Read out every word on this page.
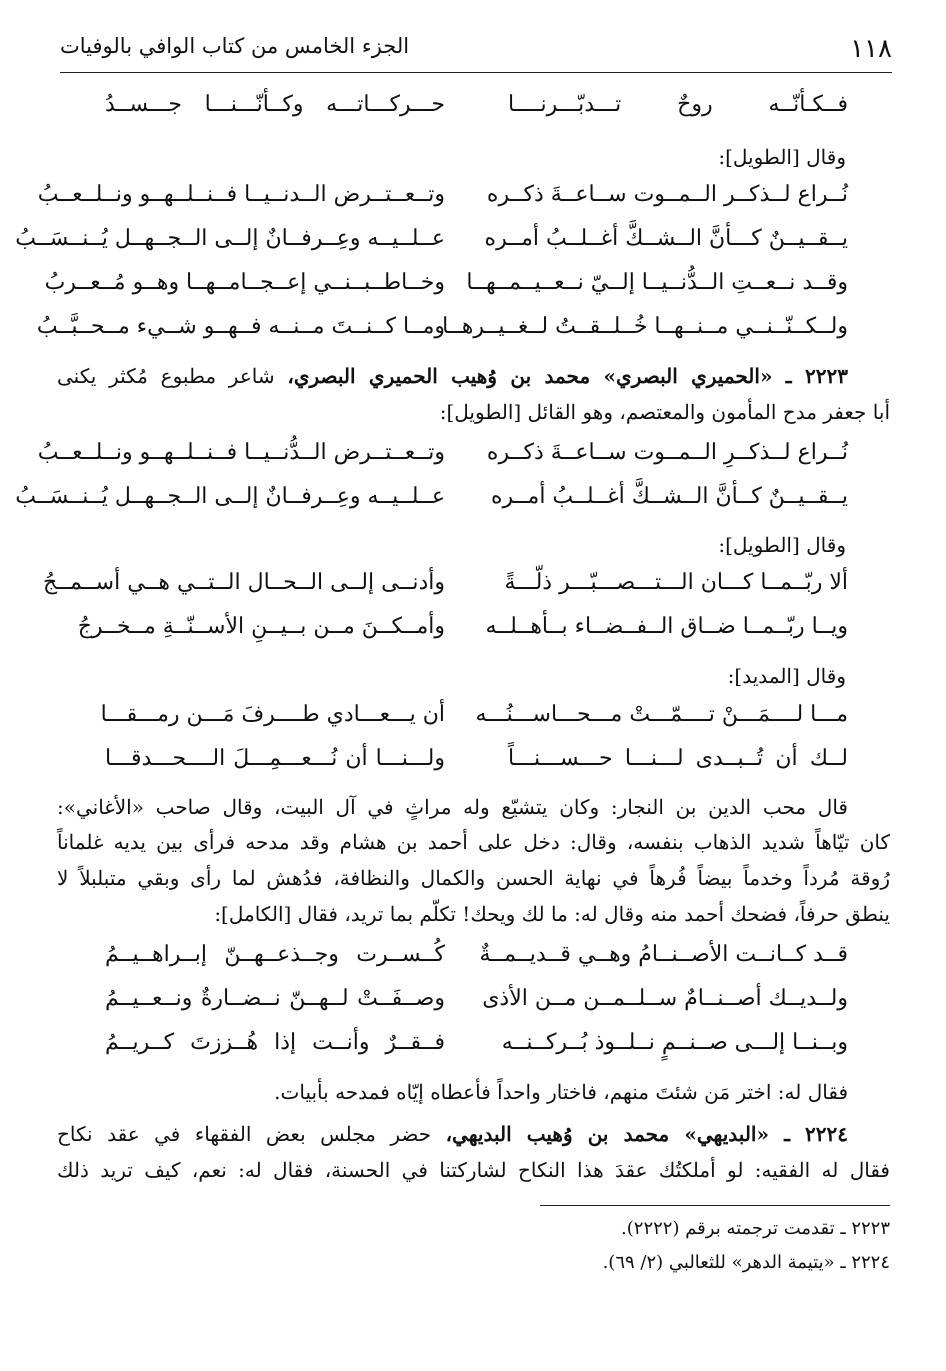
١١٨
الجزء الخامس من كتاب الوافي بالوفيات
فــكـأنّــه روحٌ تـــدبّـــرنــــا
حـــركـــاتـــه وكــأنّـــنـــا جـــســدُ
وقال [الطويل]:
نُــراع لــذكــر الــمــوت ســاعــةَ ذكــره
وتــعــتــرض الــدنــيــا فــنــلــهــو ونــلــعــبُ
يــقــيــنٌ كـــأنَّ الــشــكَّ أغــلــبُ أمــره
عــلــيــه وعِــرفــانٌ إلــى الــجــهــل يُــنــسَــبُ
وقــد نــعــتِ الــدُّنــيــا إلــيّ نــعــيــمــهــا
وخــاطــبــنــي إعــجــامــهــا وهــو مُــعــربُ
ولــكــنّــنــي مــنــهــا خُــلــقــتُ لــغــيــرهــا
ومــا كــنــتَ مــنــه فــهــو شــيء مــحــبَّــبُ
٢٢٢٣ ـ «الحميري البصري» محمد بن وُهيب الحميري البصري، شاعر مطبوع مُكثر يكنى
أبا جعفر مدح المأمون والمعتصم، وهو القائل [الطويل]:
نُــراع لــذكــرِ الــمــوت ســاعــةَ ذكــره
وتــعــتــرض الــدُّنــيــا فــنــلــهــو ونــلــعــبُ
يــقــيــنٌ كــأنَّ الــشــكَّ أغــلــبُ أمــره
عــلــيــه وعِــرفــانٌ إلــى الــجــهــل يُــنــسَــبُ
وقال [الطويل]:
ألا ربّــمــا كـــان الـــتـــصـــبّـــر ذلّـــةً
وأدنــى إلــى الــحــال الــتــي هــي أســمــجُ
ويــا ربّــمــا ضــاق الــفــضــاء بــأهــلــه
وأمــكــنَ مــن بــيــنِ الأســنّــةِ مــخــرجُ
وقال [المديد]:
مـــا لــــمَـــنْ تــــمّـــتْ مـــحـــاســـنُـــه
أن يـــعـــادي طــــرفَ مَـــن رمـــقـــا
لــك أن تُــبــدى لـــنـــا حـــســـنـــاً
ولـــنـــا أن نُـــعـــمِـــلَ الــــحـــدقـــا
قال محب الدين بن النجار: وكان يتشيّع وله مراثٍ في آل البيت، وقال صاحب «الأغاني»:
كان تيّاهاً شديد الذهاب بنفسه، وقال: دخل على أحمد بن هشام وقد مدحه فرأى بين يديه غلماناً
رُوقة مُرداً وخدماً بيضاً فُرهاً في نهاية الحسن والكمال والنظافة، فدُهش لما رأى وبقي متبلبلاً لا
ينطق حرفاً، فضحك أحمد منه وقال له: ما لك ويحك! تكلّم بما تريد، فقال [الكامل]:
قــد كــانــت الأصــنــامُ وهــي قــديــمــةٌ
كُــســرت وجــذعــهــنّ إبــراهــيــمُ
ولــديــك أصــنــامٌ ســلــمــن مــن الأذى
وصــفَــتْ لــهــنّ نــضــارةٌ ونــعــيــمُ
وبــنــا إلـــى صــنــمٍ نــلــوذ بُــركــنــه
فــقــرٌ وأنــت إذا هُــززتَ كــريــمُ
فقال له: اختر مَن شئتَ منهم، فاختار واحداً فأعطاه إيّاه فمدحه بأبيات.
٢٢٢٤ ـ «البديهي» محمد بن وُهيب البديهي، حضر مجلس بعض الفقهاء في عقد نكاح
فقال له الفقيه: لو أملكتُك عقدَ هذا النكاح لشاركتنا في الحسنة، فقال له: نعم، كيف تريد ذلك
٢٢٢٣ ـ تقدمت ترجمته برقم (٢٢٢٢).
٢٢٢٤ ـ «يتيمة الدهر» للثعالبي (٢/ ٦٩).
